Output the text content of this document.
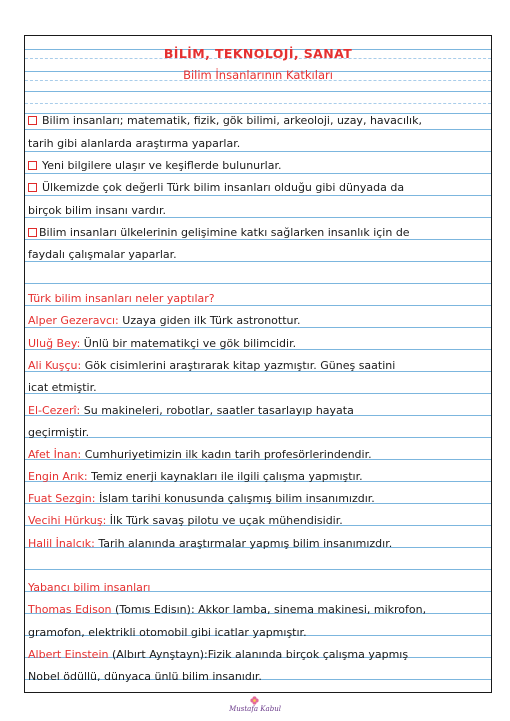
BİLİM, TEKNOLOJİ, SANAT
Bilim İnsanlarının Katkıları
Bilim insanları; matematik, fizik, gök bilimi, arkeoloji, uzay, havacılık,
tarih gibi alanlarda araştırma yaparlar.
Yeni bilgilere ulaşır ve keşiflerde bulunurlar.
Ülkemizde çok değerli Türk bilim insanları olduğu gibi dünyada da
birçok bilim insanı vardır.
Bilim insanları ülkelerinin gelişimine katkı sağlarken insanlık için de
faydalı çalışmalar yaparlar.
Türk bilim insanları neler yaptılar?
Alper Gezeravcı: Uzaya giden ilk Türk astronottur.
Uluğ Bey: Ünlü bir matematikçi ve gök bilimcidir.
Ali Kuşçu: Gök cisimlerini araştırarak kitap yazmıştır. Güneş saatini
icat etmiştir.
El-Cezerî: Su makineleri, robotlar, saatler tasarlayıp hayata
geçirmiştir.
Afet İnan: Cumhuriyetimizin ilk kadın tarih profesörlerindendir.
Engin Arık: Temiz enerji kaynakları ile ilgili çalışma yapmıştır.
Fuat Sezgin: İslam tarihi konusunda çalışmış bilim insanımızdır.
Vecihi Hürkuş: İlk Türk savaş pilotu ve uçak mühendisidir.
Halil İnalcık: Tarih alanında araştırmalar yapmış bilim insanımızdır.
Yabancı bilim insanları
Thomas Edison (Tomıs Edisın): Akkor lamba, sinema makinesi, mikrofon,
gramofon, elektrikli otomobil gibi icatlar yapmıştır.
Albert Einstein (Albırt Aynştayn):Fizik alanında birçok çalışma yapmış
Nobel ödüllü, dünyaca ünlü bilim insanıdır.
Mustafa Kabul
